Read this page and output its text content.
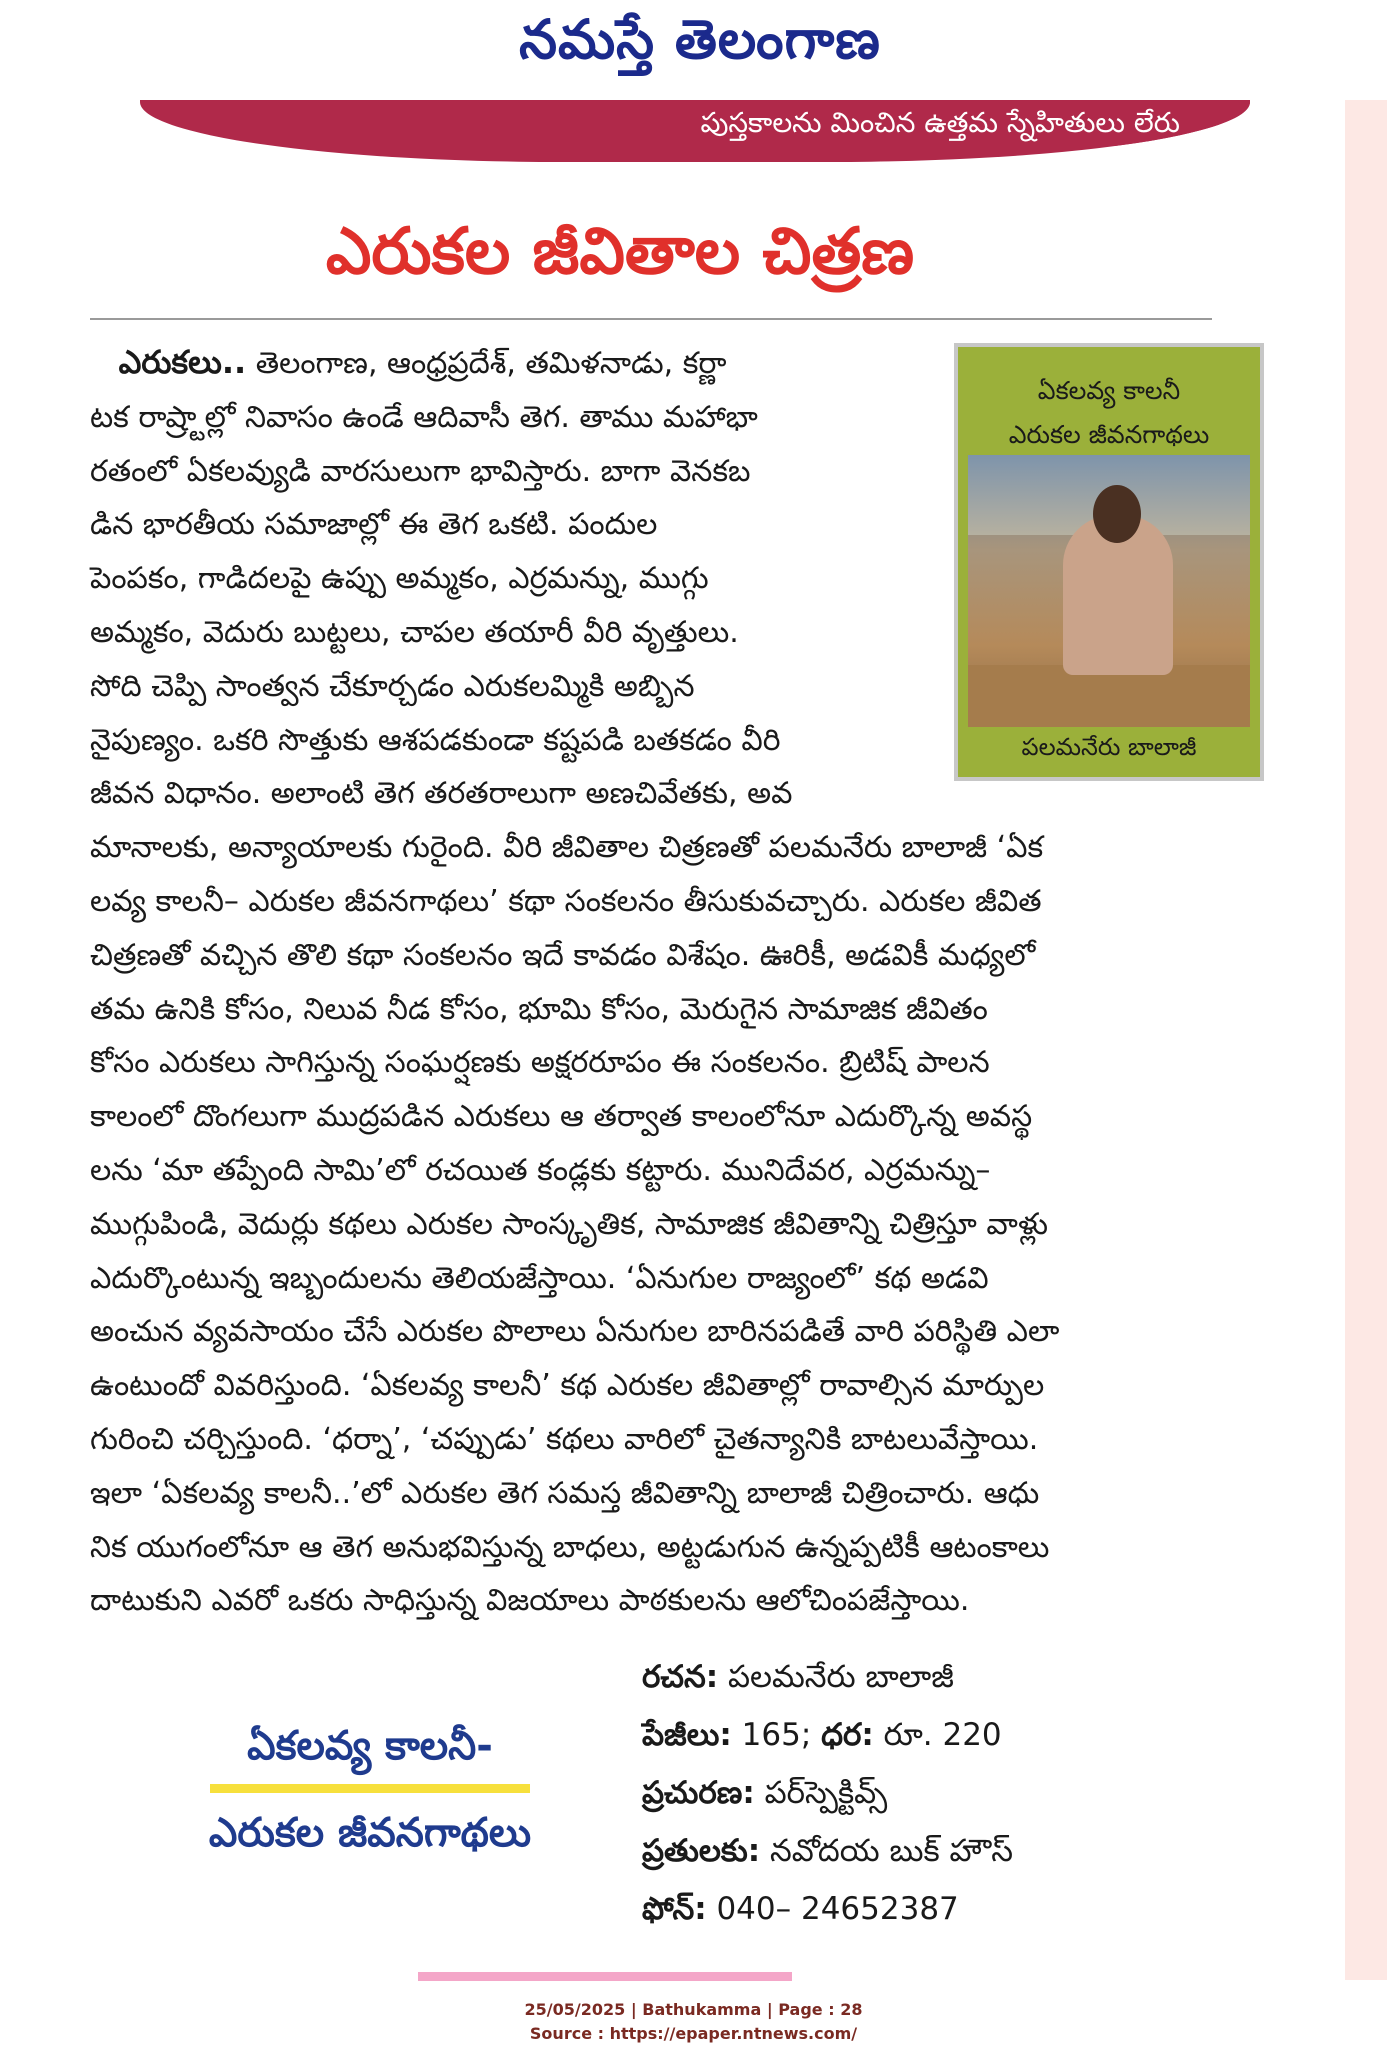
నమస్తే తెలంగాణ
పుస్తకాలను మించిన ఉత్తమ స్నేహితులు లేరు
ఎరుకల జీవితాల చిత్రణ

ఎరుకలు.. తెలంగాణ, ఆంధ్రప్రదేశ్‌, తమిళనాడు, కర్ణా

టక రాష్ర్టాల్లో నివాసం ఉండే ఆదివాసీ తెగ. తాము మహాభా

రతంలో ఏకలవ్యుడి వారసులుగా భావిస్తారు. బాగా వెనకబ

డిన భారతీయ సమాజాల్లో ఈ తెగ ఒకటి. పందుల

పెంపకం, గాడిదలపై ఉప్పు అమ్మకం, ఎర్రమన్ను, ముగ్గు

అమ్మకం, వెదురు బుట్టలు, చాపల తయారీ వీరి వృత్తులు.

సోది చెప్పి సాంత్వన చేకూర్చడం ఎరుకలమ్మికి అబ్బిన

నైపుణ్యం. ఒకరి సొత్తుకు ఆశపడకుండా కష్టపడి బతకడం వీరి

జీవన విధానం. అలాంటి తెగ తరతరాలుగా అణచివేతకు, అవ

మానాలకు, అన్యాయాలకు గురైంది. వీరి జీవితాల చిత్రణతో పలమనేరు బాలాజీ ‘ఏక

లవ్య కాలనీ– ఎరుకల జీవనగాథలు’ కథా సంకలనం తీసుకువచ్చారు. ఎరుకల జీవిత

చిత్రణతో వచ్చిన తొలి కథా సంకలనం ఇదే కావడం విశేషం. ఊరికీ, అడవికీ మధ్యలో

తమ ఉనికి కోసం, నిలువ నీడ కోసం, భూమి కోసం, మెరుగైన సామాజిక జీవితం

కోసం ఎరుకలు సాగిస్తున్న సంఘర్షణకు అక్షరరూపం ఈ సంకలనం. బ్రిటిష్‌ పాలన

కాలంలో దొంగలుగా ముద్రపడిన ఎరుకలు ఆ తర్వాత కాలంలోనూ ఎదుర్కొన్న అవస్థ

లను ‘మా తప్పేంది సామి’లో రచయిత కండ్లకు కట్టారు. మునిదేవర, ఎర్రమన్ను–

ముగ్గుపిండి, వెదుర్లు కథలు ఎరుకల సాంస్కృతిక, సామాజిక జీవితాన్ని చిత్రిస్తూ వాళ్లు

ఎదుర్కొంటున్న ఇబ్బందులను తెలియజేస్తాయి. ‘ఏనుగుల రాజ్యంలో’ కథ అడవి

అంచున వ్యవసాయం చేసే ఎరుకల పొలాలు ఏనుగుల బారినపడితే వారి పరిస్థితి ఎలా

ఉంటుందో వివరిస్తుంది. ‘ఏకలవ్య కాలనీ’ కథ ఎరుకల జీవితాల్లో రావాల్సిన మార్పుల

గురించి చర్చిస్తుంది. ‘ధర్నా’, ‘చప్పుడు’ కథలు వారిలో చైతన్యానికి బాటలువేస్తాయి.

ఇలా ‘ఏకలవ్య కాలనీ..’లో ఎరుకల తెగ సమస్త జీవితాన్ని బాలాజీ చిత్రించారు. ఆధు

నిక యుగంలోనూ ఆ తెగ అనుభవిస్తున్న బాధలు, అట్టడుగున ఉన్నప్పటికీ ఆటంకాలు

దాటుకుని ఎవరో ఒకరు సాధిస్తున్న విజయాలు పాఠకులను ఆలోచింపజేస్తాయి.

ఏకలవ్య కాలనీ
ఎరుకల జీవనగాథలు
పలమనేరు బాలాజీ
ఏకలవ్య కాలనీ-
ఎరుకల జీవనగాథలు
రచన: పలమనేరు బాలాజీ
పేజీలు: 165; ధర: రూ. 220
ప్రచురణ: పర్‌స్పెక్టివ్స్‌
ప్రతులకు: నవోదయ బుక్‌ హౌస్‌
ఫోన్‌: 040– 24652387
25/05/2025 | Bathukamma | Page : 28
Source : https://epaper.ntnews.com/
